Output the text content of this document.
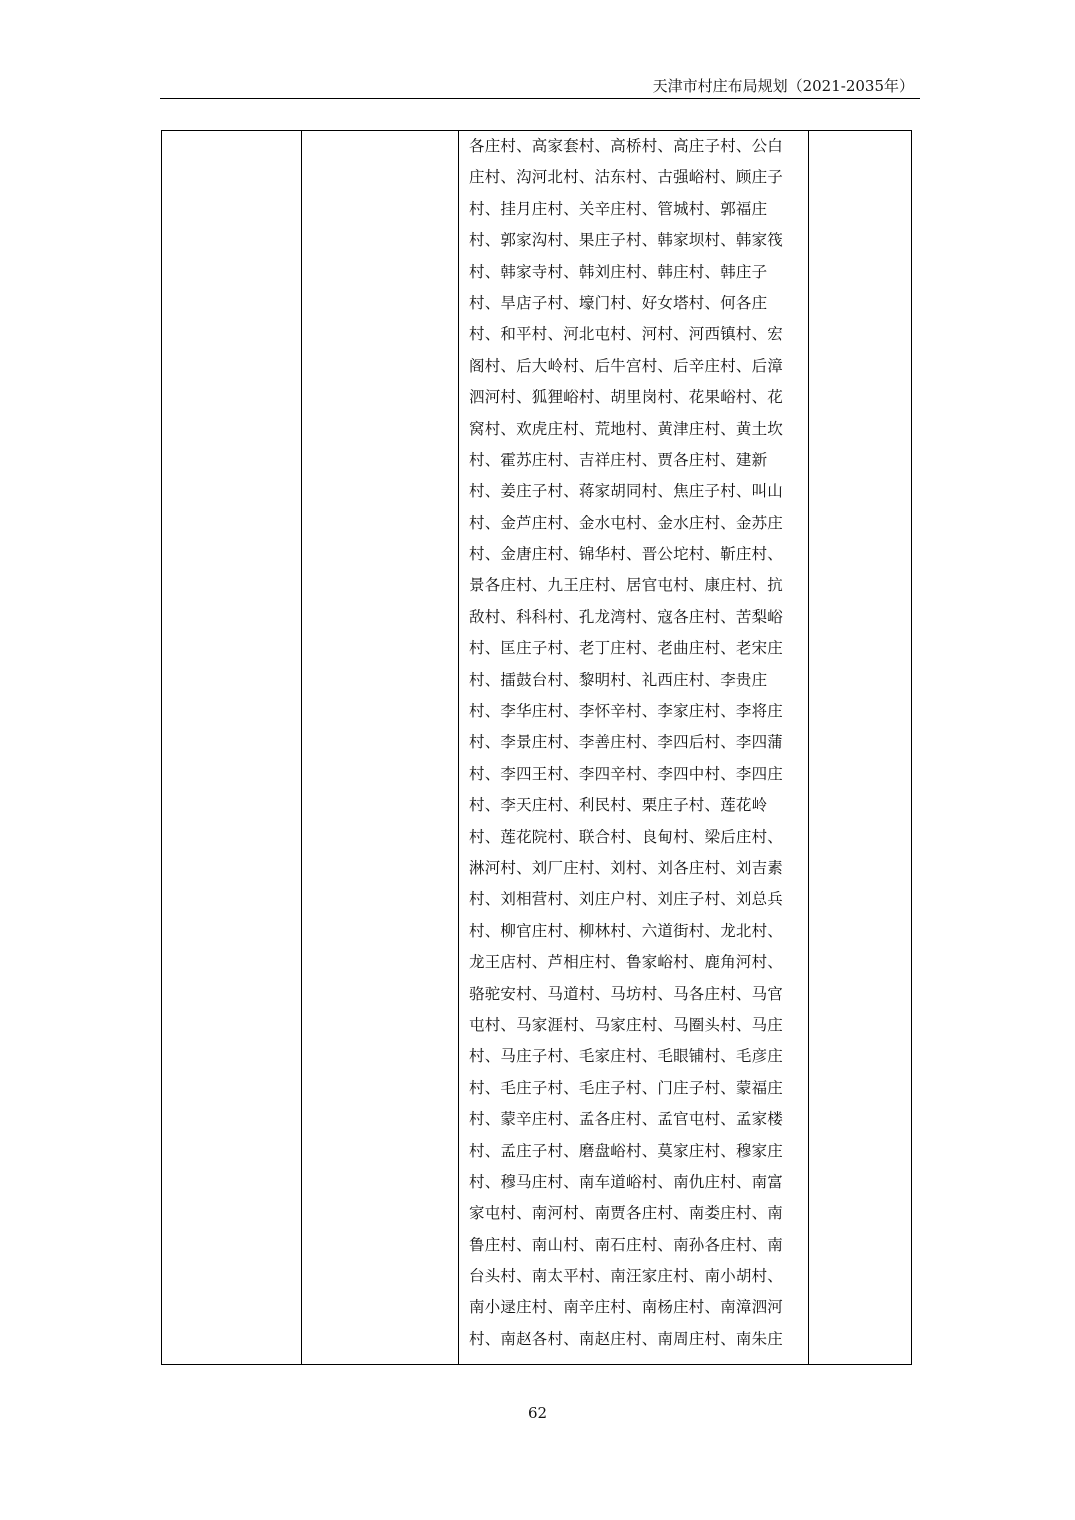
天津市村庄布局规划（2021-2035年）
各庄村、高家套村、高桥村、高庄子村、公白
庄村、沟河北村、沽东村、古强峪村、顾庄子
村、挂月庄村、关辛庄村、管城村、郭福庄
村、郭家沟村、果庄子村、韩家坝村、韩家筏
村、韩家寺村、韩刘庄村、韩庄村、韩庄子
村、旱店子村、壕门村、好女塔村、何各庄
村、和平村、河北屯村、河村、河西镇村、宏
阁村、后大岭村、后牛宫村、后辛庄村、后漳
泗河村、狐狸峪村、胡里岗村、花果峪村、花
窝村、欢虎庄村、荒地村、黄津庄村、黄土坎
村、霍苏庄村、吉祥庄村、贾各庄村、建新
村、姜庄子村、蒋家胡同村、焦庄子村、叫山
村、金芦庄村、金水屯村、金水庄村、金苏庄
村、金唐庄村、锦华村、晋公坨村、靳庄村、
景各庄村、九王庄村、居官屯村、康庄村、抗
敌村、科科村、孔龙湾村、寇各庄村、苦梨峪
村、匡庄子村、老丁庄村、老曲庄村、老宋庄
村、擂鼓台村、黎明村、礼西庄村、李贵庄
村、李华庄村、李怀辛村、李家庄村、李将庄
村、李景庄村、李善庄村、李四后村、李四蒲
村、李四王村、李四辛村、李四中村、李四庄
村、李天庄村、利民村、栗庄子村、莲花岭
村、莲花院村、联合村、良甸村、梁后庄村、
淋河村、刘厂庄村、刘村、刘各庄村、刘吉素
村、刘相营村、刘庄户村、刘庄子村、刘总兵
村、柳官庄村、柳林村、六道街村、龙北村、
龙王店村、芦相庄村、鲁家峪村、鹿角河村、
骆驼安村、马道村、马坊村、马各庄村、马官
屯村、马家涯村、马家庄村、马圈头村、马庄
村、马庄子村、毛家庄村、毛眼铺村、毛彦庄
村、毛庄子村、毛庄子村、门庄子村、蒙福庄
村、蒙辛庄村、孟各庄村、孟官屯村、孟家楼
村、孟庄子村、磨盘峪村、莫家庄村、穆家庄
村、穆马庄村、南车道峪村、南仇庄村、南富
家屯村、南河村、南贾各庄村、南娄庄村、南
鲁庄村、南山村、南石庄村、南孙各庄村、南
台头村、南太平村、南汪家庄村、南小胡村、
南小逯庄村、南辛庄村、南杨庄村、南漳泗河
村、南赵各村、南赵庄村、南周庄村、南朱庄
62
